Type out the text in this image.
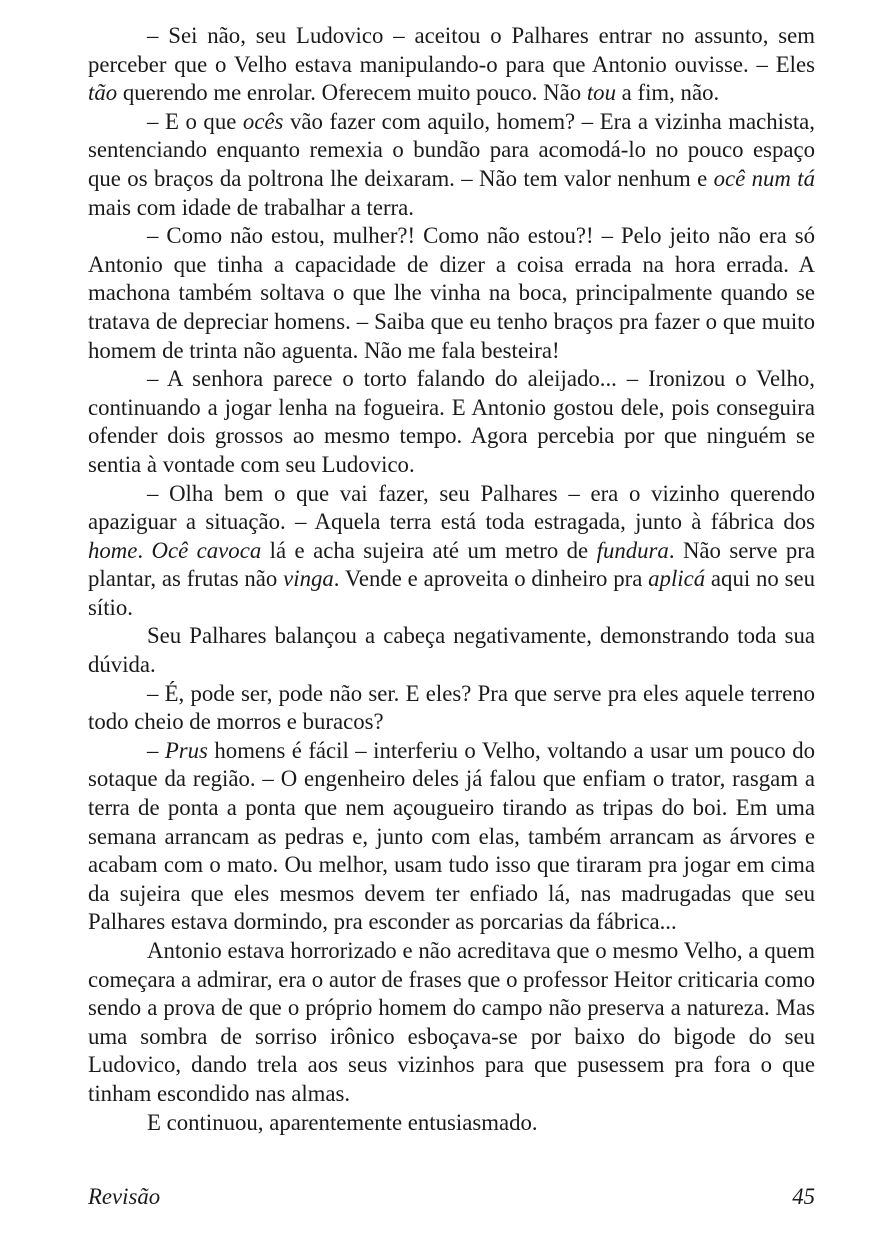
– Sei não, seu Ludovico – aceitou o Palhares entrar no assunto, sem perceber que o Velho estava manipulando-o para que Antonio ouvisse. – Eles tão querendo me enrolar. Oferecem muito pouco. Não tou a fim, não.

– E o que ocês vão fazer com aquilo, homem? – Era a vizinha machista, sentenciando enquanto remexia o bundão para acomodá-lo no pouco espaço que os braços da poltrona lhe deixaram. – Não tem valor nenhum e ocê num tá mais com idade de trabalhar a terra.

– Como não estou, mulher?! Como não estou?! – Pelo jeito não era só Antonio que tinha a capacidade de dizer a coisa errada na hora errada. A machona também soltava o que lhe vinha na boca, principalmente quando se tratava de depreciar homens. – Saiba que eu tenho braços pra fazer o que muito homem de trinta não aguenta. Não me fala besteira!

– A senhora parece o torto falando do aleijado... – Ironizou o Velho, continuando a jogar lenha na fogueira. E Antonio gostou dele, pois conseguira ofender dois grossos ao mesmo tempo. Agora percebia por que ninguém se sentia à vontade com seu Ludovico.

– Olha bem o que vai fazer, seu Palhares – era o vizinho querendo apaziguar a situação. – Aquela terra está toda estragada, junto à fábrica dos home. Ocê cavoca lá e acha sujeira até um metro de fundura. Não serve pra plantar, as frutas não vinga. Vende e aproveita o dinheiro pra aplicá aqui no seu sítio.

Seu Palhares balançou a cabeça negativamente, demonstrando toda sua dúvida.

– É, pode ser, pode não ser. E eles? Pra que serve pra eles aquele terreno todo cheio de morros e buracos?

– Prus homens é fácil – interferiu o Velho, voltando a usar um pouco do sotaque da região. – O engenheiro deles já falou que enfiam o trator, rasgam a terra de ponta a ponta que nem açougueiro tirando as tripas do boi. Em uma semana arrancam as pedras e, junto com elas, também arrancam as árvores e acabam com o mato. Ou melhor, usam tudo isso que tiraram pra jogar em cima da sujeira que eles mesmos devem ter enfiado lá, nas madrugadas que seu Palhares estava dormindo, pra esconder as porcarias da fábrica...

Antonio estava horrorizado e não acreditava que o mesmo Velho, a quem começara a admirar, era o autor de frases que o professor Heitor criticaria como sendo a prova de que o próprio homem do campo não preserva a natureza. Mas uma sombra de sorriso irônico esboçava-se por baixo do bigode do seu Ludovico, dando trela aos seus vizinhos para que pusessem pra fora o que tinham escondido nas almas.

E continuou, aparentemente entusiasmado.

Revisão	45
